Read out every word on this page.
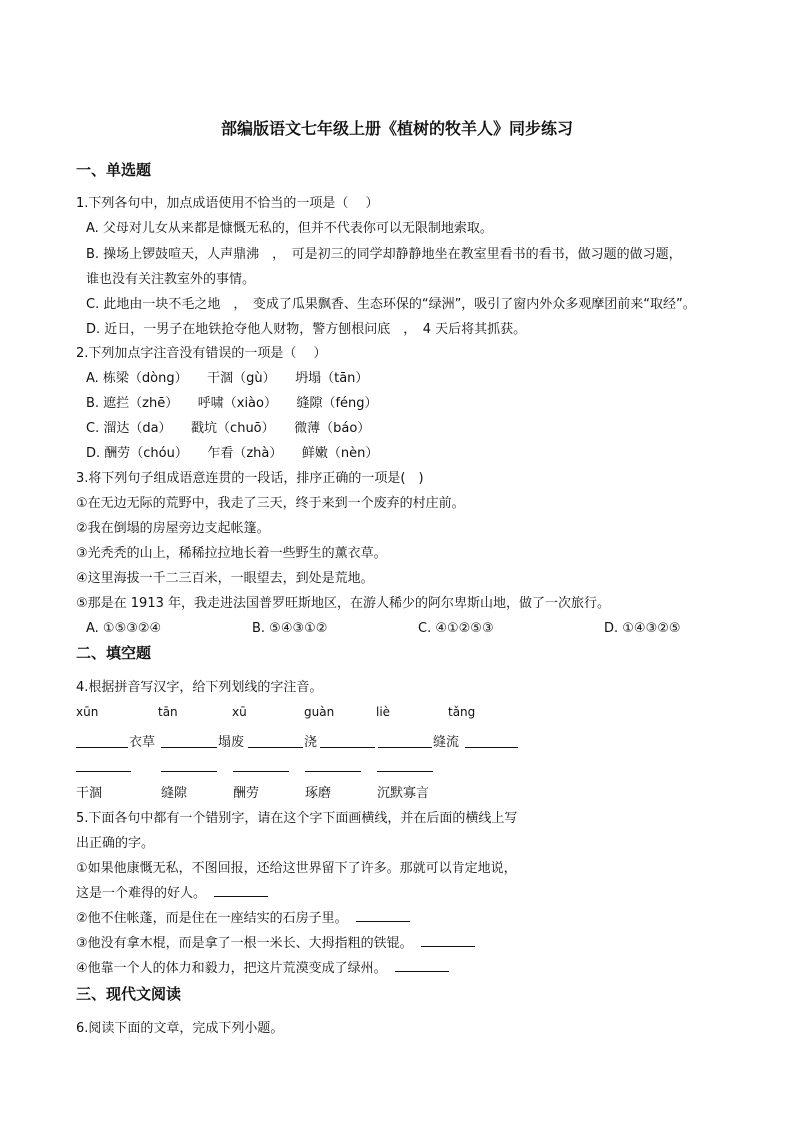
部编版语文七年级上册《植树的牧羊人》同步练习
一、单选题
1.下列各句中，加点成语使用不恰当的一项是（　 ）
A. 父母对儿女从来都是慷慨无私的，但并不代表你可以无限制地索取。
B. 操场上锣鼓喧天，人声鼎沸　，　可是初三的同学却静静地坐在教室里看书的看书，做习题的做习题，
谁也没有关注教室外的事情。
C. 此地由一块不毛之地　，　变成了瓜果飘香、生态环保的“绿洲”，吸引了窗内外众多观摩团前来“取经”。
D. 近日，一男子在地铁抢夺他人财物，警方刨根问底　，　4 天后将其抓获。
2.下列加点字注音没有错误的一项是（　 ）
A. 栋梁（dòng）　　干涸（gù）　　坍塌（tān）
B. 遮拦（zhē）　　呼啸（xiào）　　缝隙（féng）
C. 溜达（da）　　戳坑（chuō）　　微薄（báo）
D. 酬劳（chóu）　　乍看（zhà）　　鲜嫩（nèn）
3.将下列句子组成语意连贯的一段话，排序正确的一项是(　)
①在无边无际的荒野中，我走了三天，终于来到一个废弃的村庄前。
②我在倒塌的房屋旁边支起帐篷。
③光秃秃的山上，稀稀拉拉地长着一些野生的薰衣草。
④这里海拔一千二三百米，一眼望去，到处是荒地。
⑤那是在 1913 年，我走进法国普罗旺斯地区，在游人稀少的阿尔卑斯山地，做了一次旅行。
A. ①⑤③②④	B. ⑤④③①②	C. ④①②⑤③	D. ①④③②⑤
二、填空题
4.根据拼音写汉字，给下列划线的字注音。
xūn	tān	xū	guàn	liè	tǎng
衣草	塌废	浇	缝流
干涸	缝隙	酬劳	琢磨	沉默寡言
5.下面各句中都有一个错别字，请在这个字下面画横线，并在后面的横线上写
出正确的字。
①如果他康慨无私，不图回报，还给这世界留下了许多。那就可以肯定地说，
这是一个难得的好人。
②他不住帐蓬，而是住在一座结实的石房子里。
③他没有拿木棍，而是拿了一根一米长、大拇指粗的铁锟。
④他靠一个人的体力和毅力，把这片荒漠变成了绿州。
三、现代文阅读
6.阅读下面的文章，完成下列小题。
